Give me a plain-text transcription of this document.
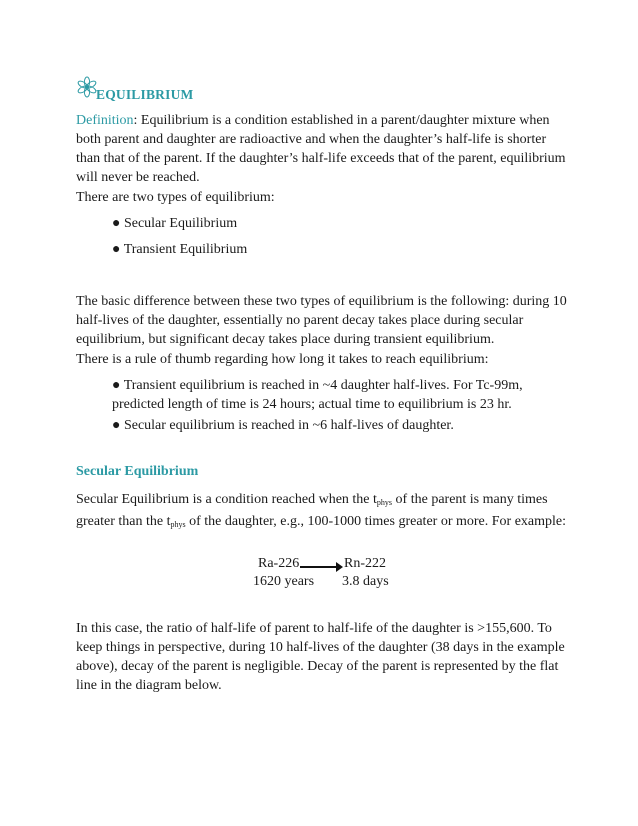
EQUILIBRIUM
Definition: Equilibrium is a condition established in a parent/daughter mixture when both parent and daughter are radioactive and when the daughter’s half-life is shorter than that of the parent. If the daughter’s half-life exceeds that of the parent, equilibrium will never be reached.
There are two types of equilibrium:
● Secular Equilibrium
● Transient Equilibrium
The basic difference between these two types of equilibrium is the following: during 10 half-lives of the daughter, essentially no parent decay takes place during secular equilibrium, but significant decay takes place during transient equilibrium.
There is a rule of thumb regarding how long it takes to reach equilibrium:
● Transient equilibrium is reached in ~4 daughter half-lives. For Tc-99m, predicted length of time is 24 hours; actual time to equilibrium is 23 hr.
● Secular equilibrium is reached in ~6 half-lives of daughter.
Secular Equilibrium
Secular Equilibrium is a condition reached when the $t_{phys}$ of the parent is many times greater than the $t_{phys}$ of the daughter, e.g., 100-1000 times greater or more. For example:
Ra-226	Rn-222
1620 years 3.8 days
In this case, the ratio of half-life of parent to half-life of the daughter is >155,600. To keep things in perspective, during 10 half-lives of the daughter (38 days in the example above), decay of the parent is negligible. Decay of the parent is represented by the flat line in the diagram below.
